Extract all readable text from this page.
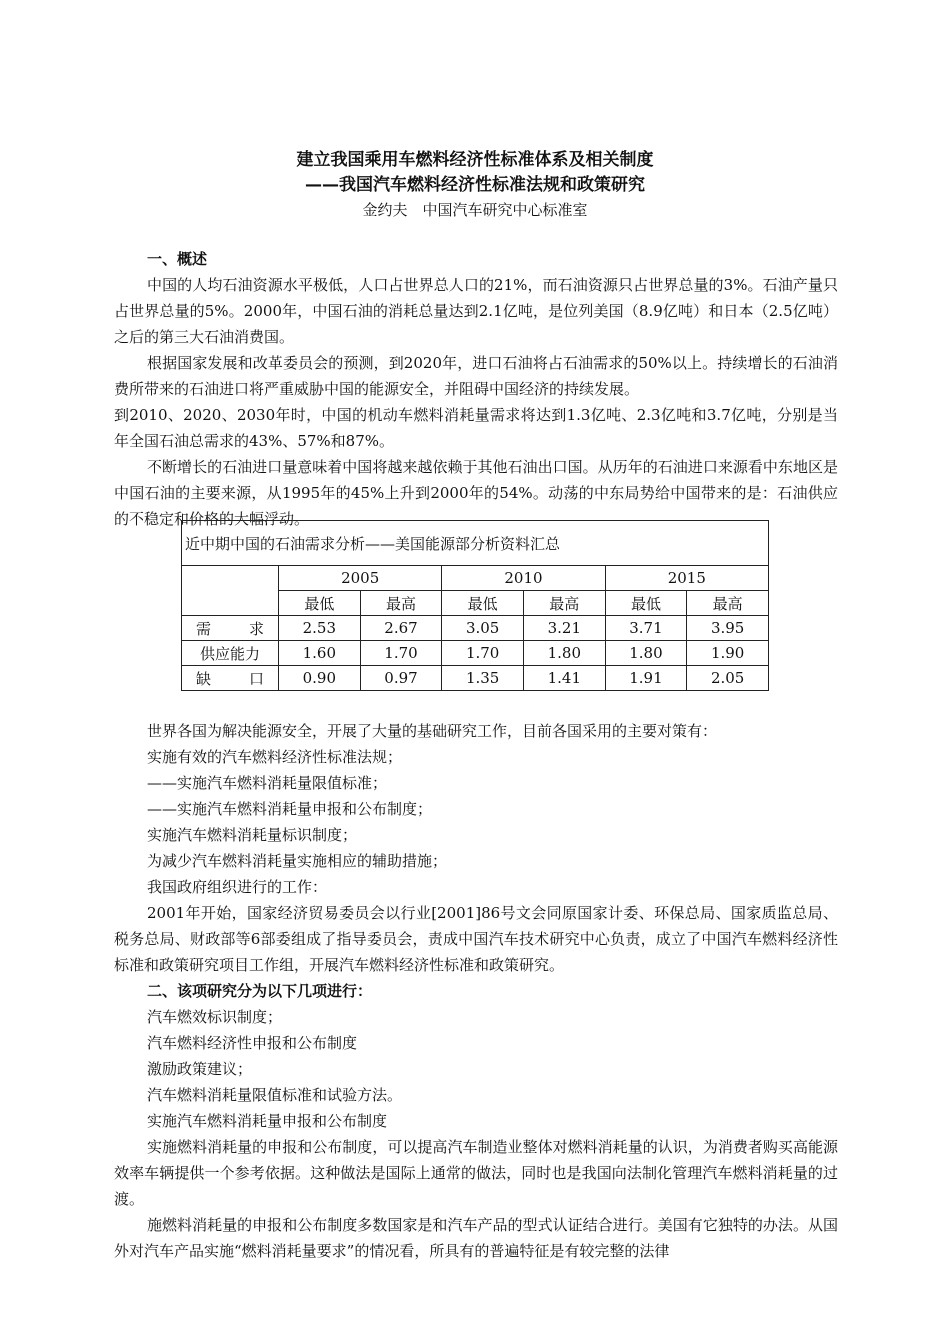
建立我国乘用车燃料经济性标准体系及相关制度
——我国汽车燃料经济性标准法规和政策研究
金约夫　中国汽车研究中心标准室

一、概述

中国的人均石油资源水平极低，人口占世界总人口的21%，而石油资源只占世界总量的3%。石油产量只占世界总量的5%。2000年，中国石油的消耗总量达到2.1亿吨，是位列美国（8.9亿吨）和日本（2.5亿吨）之后的第三大石油消费国。

根据国家发展和改革委员会的预测，到2020年，进口石油将占石油需求的50%以上。持续增长的石油消费所带来的石油进口将严重威胁中国的能源安全，并阻碍中国经济的持续发展。

到2010、2020、2030年时，中国的机动车燃料消耗量需求将达到1.3亿吨、2.3亿吨和3.7亿吨，分别是当年全国石油总需求的43%、57%和87%。

不断增长的石油进口量意味着中国将越来越依赖于其他石油出口国。从历年的石油进口来源看中东地区是中国石油的主要来源，从1995年的45%上升到2000年的54%。动荡的中东局势给中国带来的是：石油供应的不稳定和价格的大幅浮动。

近中期中国的石油需求分析——美国能源部分析资料汇总						
	2005		2010		2015	
	最低	最高	最低	最高	最低	最高
需求	2.53	2.67	3.05	3.21	3.71	3.95
供应能力	1.60	1.70	1.70	1.80	1.80	1.90
缺口	0.90	0.97	1.35	1.41	1.91	2.05

世界各国为解决能源安全，开展了大量的基础研究工作，目前各国采用的主要对策有：

实施有效的汽车燃料经济性标准法规；

——实施汽车燃料消耗量限值标准；

——实施汽车燃料消耗量申报和公布制度；

实施汽车燃料消耗量标识制度；

为减少汽车燃料消耗量实施相应的辅助措施；

我国政府组织进行的工作：

2001年开始，国家经济贸易委员会以行业[2001]86号文会同原国家计委、环保总局、国家质监总局、税务总局、财政部等6部委组成了指导委员会，责成中国汽车技术研究中心负责，成立了中国汽车燃料经济性标准和政策研究项目工作组，开展汽车燃料经济性标准和政策研究。

二、该项研究分为以下几项进行：

汽车燃效标识制度；

汽车燃料经济性申报和公布制度

激励政策建议；

汽车燃料消耗量限值标准和试验方法。

实施汽车燃料消耗量申报和公布制度

实施燃料消耗量的申报和公布制度，可以提高汽车制造业整体对燃料消耗量的认识，为消费者购买高能源效率车辆提供一个参考依据。这种做法是国际上通常的做法，同时也是我国向法制化管理汽车燃料消耗量的过渡。

施燃料消耗量的申报和公布制度多数国家是和汽车产品的型式认证结合进行。美国有它独特的办法。从国外对汽车产品实施“燃料消耗量要求”的情况看，所具有的普遍特征是有较完整的法律
